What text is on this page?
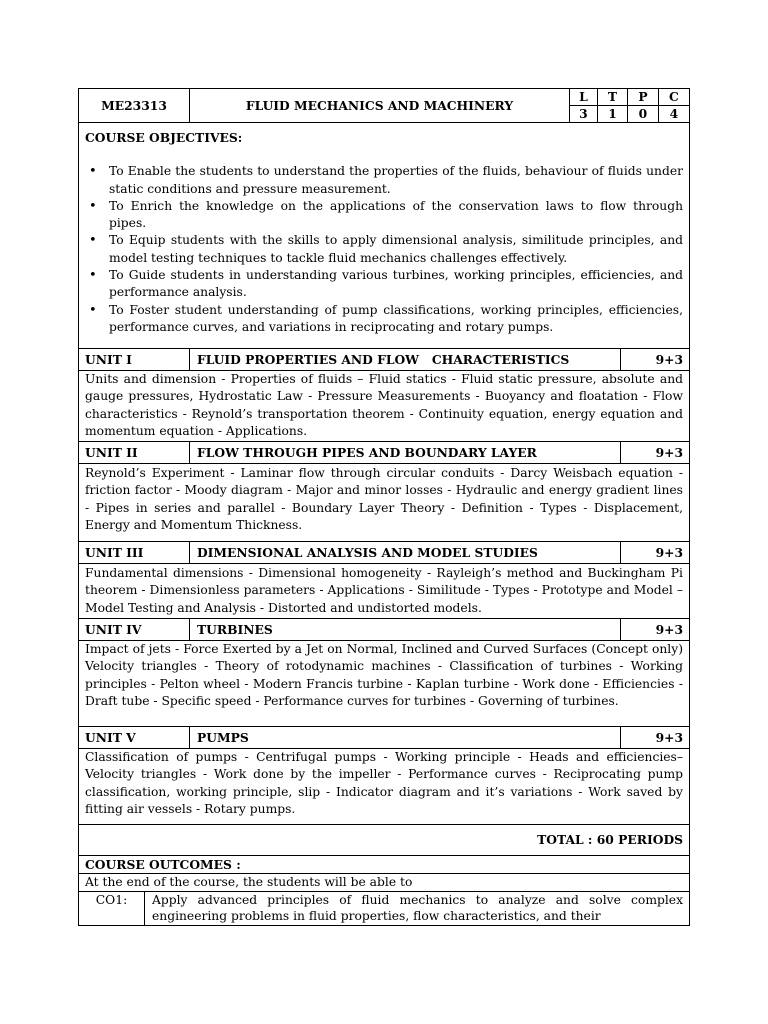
ME23313	FLUID MECHANICS AND MACHINERY
L	T	P	C
3	1	0	4
COURSE OBJECTIVES:
• To Enable the students to understand the properties of the fluids, behaviour of fluids under static conditions and pressure measurement.
• To Enrich the knowledge on the applications of the conservation laws to flow through pipes.
• To Equip students with the skills to apply dimensional analysis, similitude principles, and model testing techniques to tackle fluid mechanics challenges effectively.
• To Guide students in understanding various turbines, working principles, efficiencies, and performance analysis.
• To Foster student understanding of pump classifications, working principles, efficiencies, performance curves, and variations in reciprocating and rotary pumps.
UNIT I	FLUID PROPERTIES AND FLOW   CHARACTERISTICS	9+3
Units and dimension - Properties of fluids – Fluid statics - Fluid static pressure, absolute and gauge pressures, Hydrostatic Law - Pressure Measurements - Buoyancy and floatation - Flow characteristics - Reynold’s transportation theorem - Continuity equation, energy equation and momentum equation - Applications.
UNIT II	FLOW THROUGH PIPES AND BOUNDARY LAYER	9+3
Reynold’s Experiment - Laminar flow through circular conduits - Darcy Weisbach equation - friction factor - Moody diagram - Major and minor losses - Hydraulic and energy gradient lines - Pipes in series and parallel - Boundary Layer Theory - Definition - Types - Displacement, Energy and Momentum Thickness.
UNIT III	DIMENSIONAL ANALYSIS AND MODEL STUDIES	9+3
Fundamental dimensions - Dimensional homogeneity - Rayleigh’s method and Buckingham Pi theorem - Dimensionless parameters - Applications - Similitude - Types - Prototype and Model – Model Testing and Analysis - Distorted and undistorted models.
UNIT IV	TURBINES	9+3
Impact of jets - Force Exerted by a Jet on Normal, Inclined and Curved Surfaces (Concept only) Velocity triangles - Theory of rotodynamic machines - Classification of turbines - Working principles - Pelton wheel - Modern Francis turbine - Kaplan turbine - Work done - Efficiencies - Draft tube - Specific speed - Performance curves for turbines - Governing of turbines.
UNIT V	PUMPS	9+3
Classification of pumps - Centrifugal pumps - Working principle - Heads and efficiencies– Velocity triangles - Work done by the impeller - Performance curves - Reciprocating pump classification, working principle, slip - Indicator diagram and it’s variations - Work saved by fitting air vessels - Rotary pumps.
TOTAL : 60 PERIODS
COURSE OUTCOMES :
At the end of the course, the students will be able to
CO1:	Apply advanced principles of fluid mechanics to analyze and solve complex engineering problems in fluid properties, flow characteristics, and their
